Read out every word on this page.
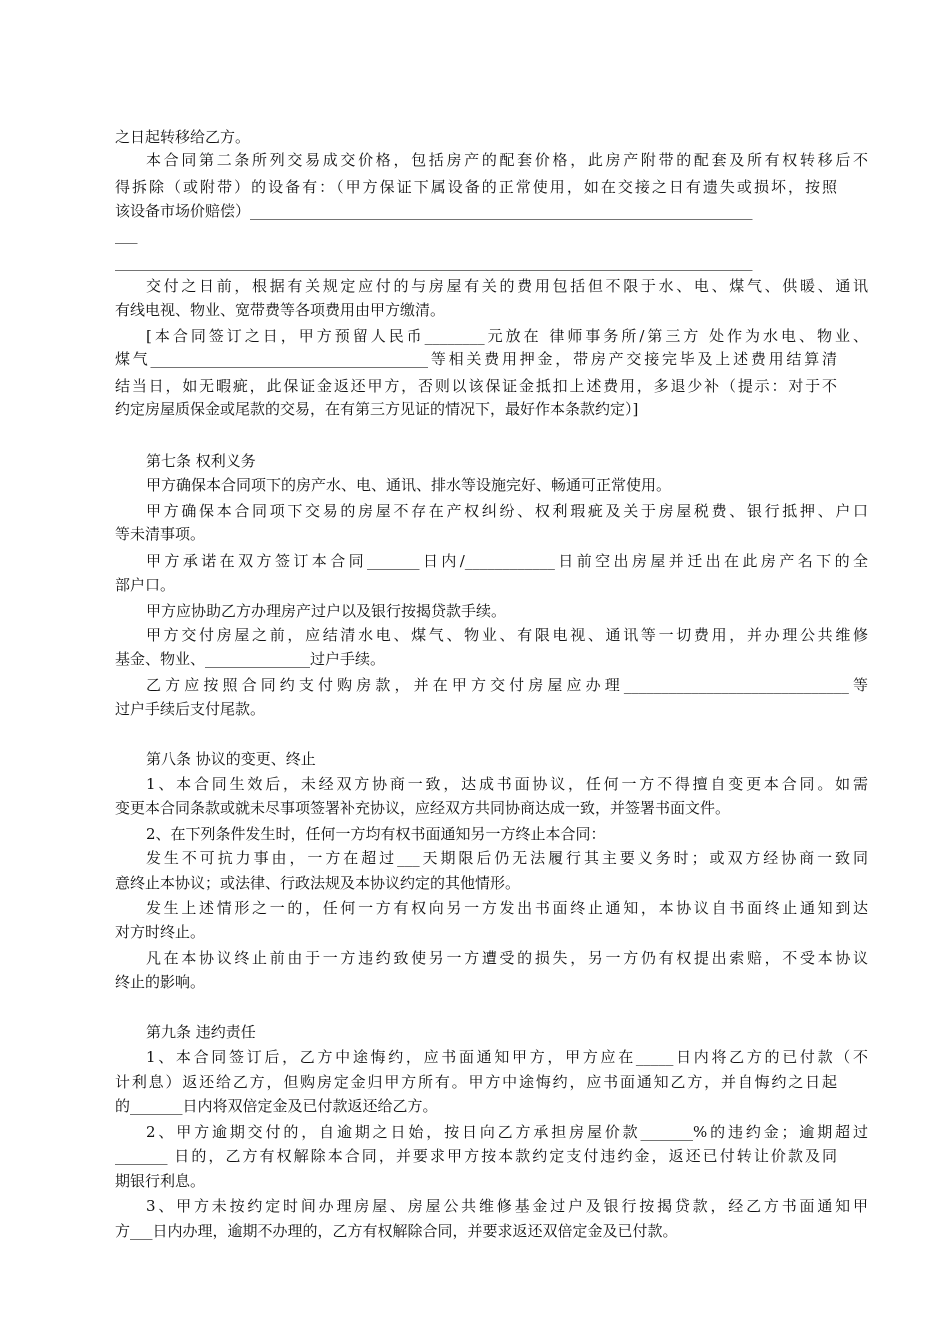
之日起转移给乙方。
本合同第二条所列交易成交价格，包括房产的配套价格，此房产附带的配套及所有权转移后不
得拆除（或附带）的设备有：（甲方保证下属设备的正常使用，如在交接之日有遗失或损坏，按照
该设备市场价赔偿）___________________________________________________________________
___
_____________________________________________________________________________________
交付之日前，根据有关规定应付的与房屋有关的费用包括但不限于水、电、煤气、供暖、通讯
有线电视、物业、宽带费等各项费用由甲方缴清。
[本合同签订之日，甲方预留人民币________元放在 律师事务所/第三方 处作为水电、物业、
煤气_____________________________________等相关费用押金，带房产交接完毕及上述费用结算清
结当日，如无暇疵，此保证金返还甲方，否则以该保证金抵扣上述费用，多退少补（提示：对于不
约定房屋质保金或尾款的交易，在有第三方见证的情况下，最好作本条款约定）]
第七条 权利义务
甲方确保本合同项下的房产水、电、通讯、排水等设施完好、畅通可正常使用。
甲方确保本合同项下交易的房屋不存在产权纠纷、权利瑕疵及关于房屋税费、银行抵押、户口
等未清事项。
甲方承诺在双方签订本合同_______日内/____________日前空出房屋并迁出在此房产名下的全
部户口。
甲方应协助乙方办理房产过户以及银行按揭贷款手续。
甲方交付房屋之前，应结清水电、煤气、物业、有限电视、通讯等一切费用，并办理公共维修
基金、物业、______________过户手续。
乙方应按照合同约支付购房款，并在甲方交付房屋应办理______________________________等
过户手续后支付尾款。
第八条 协议的变更、终止
1、本合同生效后，未经双方协商一致，达成书面协议，任何一方不得擅自变更本合同。如需
变更本合同条款或就未尽事项签署补充协议，应经双方共同协商达成一致，并签署书面文件。
2、在下列条件发生时，任何一方均有权书面通知另一方终止本合同：
发生不可抗力事由，一方在超过___天期限后仍无法履行其主要义务时；或双方经协商一致同
意终止本协议；或法律、行政法规及本协议约定的其他情形。
发生上述情形之一的，任何一方有权向另一方发出书面终止通知，本协议自书面终止通知到达
对方时终止。
凡在本协议终止前由于一方违约致使另一方遭受的损失，另一方仍有权提出索赔，不受本协议
终止的影响。
第九条 违约责任
1、本合同签订后，乙方中途悔约，应书面通知甲方，甲方应在_____日内将乙方的已付款（不
计利息）返还给乙方，但购房定金归甲方所有。甲方中途悔约，应书面通知乙方，并自悔约之日起
的_______日内将双倍定金及已付款返还给乙方。
2、甲方逾期交付的，自逾期之日始，按日向乙方承担房屋价款_______%的违约金；逾期超过
_______ 日的，乙方有权解除本合同，并要求甲方按本款约定支付违约金，返还已付转让价款及同
期银行利息。
3、甲方未按约定时间办理房屋、房屋公共维修基金过户及银行按揭贷款，经乙方书面通知甲
方___日内办理，逾期不办理的，乙方有权解除合同，并要求返还双倍定金及已付款。
